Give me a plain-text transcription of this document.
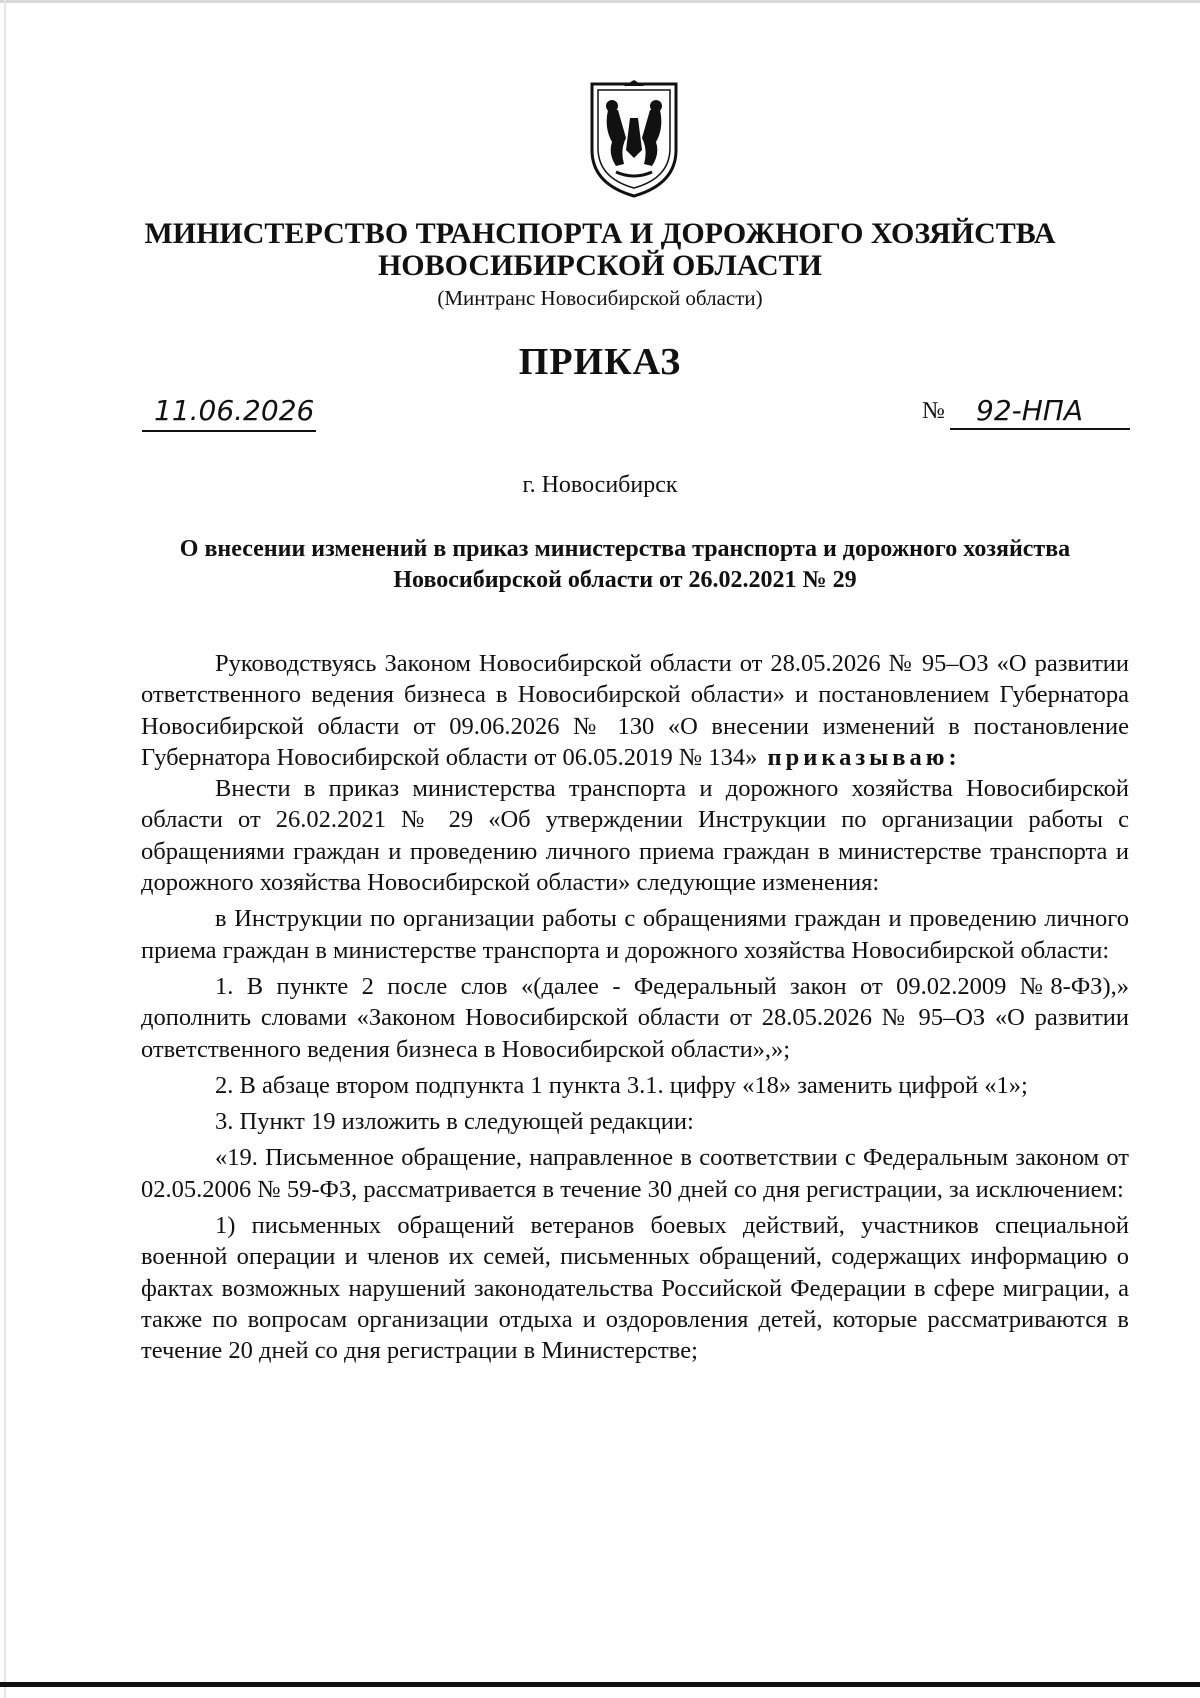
МИНИСТЕРСТВО ТРАНСПОРТА И ДОРОЖНОГО ХОЗЯЙСТВА
НОВОСИБИРСКОЙ ОБЛАСТИ
(Минтранс Новосибирской области)
ПРИКАЗ
11.06.2026	№	92-НПА
г. Новосибирск
О внесении изменений в приказ министерства транспорта и дорожного хозяйства Новосибирской области от 26.02.2021 № 29

Руководствуясь Законом Новосибирской области от 28.05.2026 № 95–ОЗ «О развитии ответственного ведения бизнеса в Новосибирской области» и постановлением Губернатора Новосибирской области от 09.06.2026 № 130 «О внесении изменений в постановление Губернатора Новосибирской области от 06.05.2019 № 134» приказываю:

Внести в приказ министерства транспорта и дорожного хозяйства Новосибирской области от 26.02.2021 № 29 «Об утверждении Инструкции по организации работы с обращениями граждан и проведению личного приема граждан в министерстве транспорта и дорожного хозяйства Новосибирской области» следующие изменения:

в Инструкции по организации работы с обращениями граждан и проведению личного приема граждан в министерстве транспорта и дорожного хозяйства Новосибирской области:

1. В пункте 2 после слов «(далее - Федеральный закон от 09.02.2009 №8-ФЗ),» дополнить словами «Законом Новосибирской области от 28.05.2026 № 95–ОЗ «О развитии ответственного ведения бизнеса в Новосибирской области»,»;

2. В абзаце втором подпункта 1 пункта 3.1. цифру «18» заменить цифрой «1»;

3. Пункт 19 изложить в следующей редакции:

«19. Письменное обращение, направленное в соответствии с Федеральным законом от 02.05.2006 № 59-ФЗ, рассматривается в течение 30 дней со дня регистрации, за исключением:

1) письменных обращений ветеранов боевых действий, участников специальной военной операции и членов их семей, письменных обращений, содержащих информацию о фактах возможных нарушений законодательства Российской Федерации в сфере миграции, а также по вопросам организации отдыха и оздоровления детей, которые рассматриваются в течение 20 дней со дня регистрации в Министерстве;
